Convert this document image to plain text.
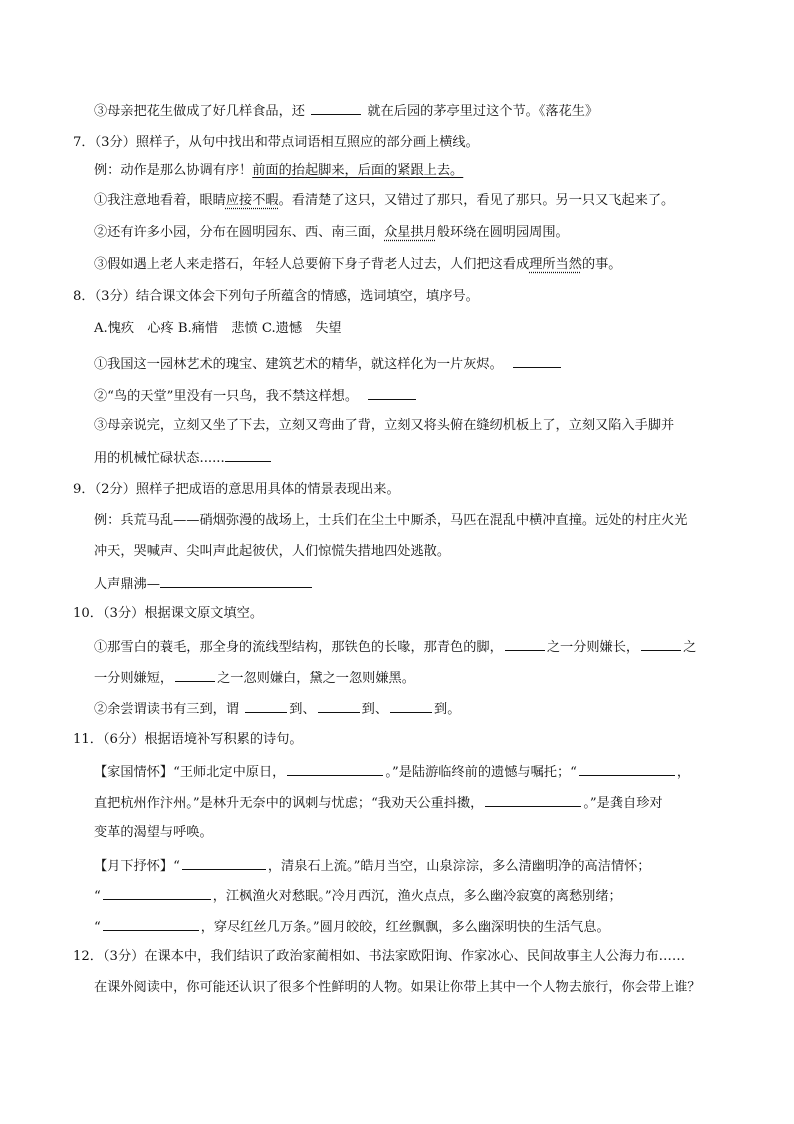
③母亲把花生做成了好几样食品，还	就在后园的茅亭里过这个节。《落花生》
7．（3分）照样子，从句中找出和带点词语相互照应的部分画上横线。
例：动作是那么协调有序！前面的抬起脚来，后面的紧跟上去。
①我注意地看着，眼睛应接不暇。看清楚了这只，又错过了那只，看见了那只。另一只又飞起来了。
②还有许多小园，分布在圆明园东、西、南三面，众星拱月般环绕在圆明园周围。
③假如遇上老人来走搭石，年轻人总要俯下身子背老人过去，人们把这看成理所当然的事。
8．（3分）结合课文体会下列句子所蕴含的情感，选词填空，填序号。
A.愧疚　心疼 B.痛惜　悲愤 C.遗憾　失望
①我国这一园林艺术的瑰宝、建筑艺术的精华，就这样化为一片灰烬。
②“鸟的天堂”里没有一只鸟，我不禁这样想。
③母亲说完，立刻又坐了下去，立刻又弯曲了背，立刻又将头俯在缝纫机板上了，立刻又陷入手脚并
用的机械忙碌状态......
9．（2分）照样子把成语的意思用具体的情景表现出来。
例：兵荒马乱——硝烟弥漫的战场上，士兵们在尘土中厮杀，马匹在混乱中横冲直撞。远处的村庄火光
冲天，哭喊声、尖叫声此起彼伏，人们惊慌失措地四处逃散。
人声鼎沸—
10．（3分）根据课文原文填空。
①那雪白的蓑毛，那全身的流线型结构，那铁色的长喙，那青色的脚，	之一分则嫌长，	之
一分则嫌短，	之一忽则嫌白，黛之一忽则嫌黑。
②余尝谓读书有三到，谓	到、	到、	到。
11．（6分）根据语境补写积累的诗句。
【家国情怀】“王师北定中原日，	。”是陆游临终前的遗憾与嘱托；“	，
直把杭州作汴州。”是林升无奈中的讽刺与忧虑；“我劝天公重抖擞，	。”是龚自珍对
变革的渴望与呼唤。
【月下抒怀】“	，清泉石上流。”皓月当空，山泉淙淙，多么清幽明净的高洁情怀；
“	，江枫渔火对愁眠。”冷月西沉，渔火点点，多么幽冷寂寞的离愁别绪；
“	，穿尽红丝几万条。”圆月皎皎，红丝飘飘，多么幽深明快的生活气息。
12．（3分）在课本中，我们结识了政治家蔺相如、书法家欧阳询、作家冰心、民间故事主人公海力布……
在课外阅读中，你可能还认识了很多个性鲜明的人物。如果让你带上其中一个人物去旅行，你会带上谁？
